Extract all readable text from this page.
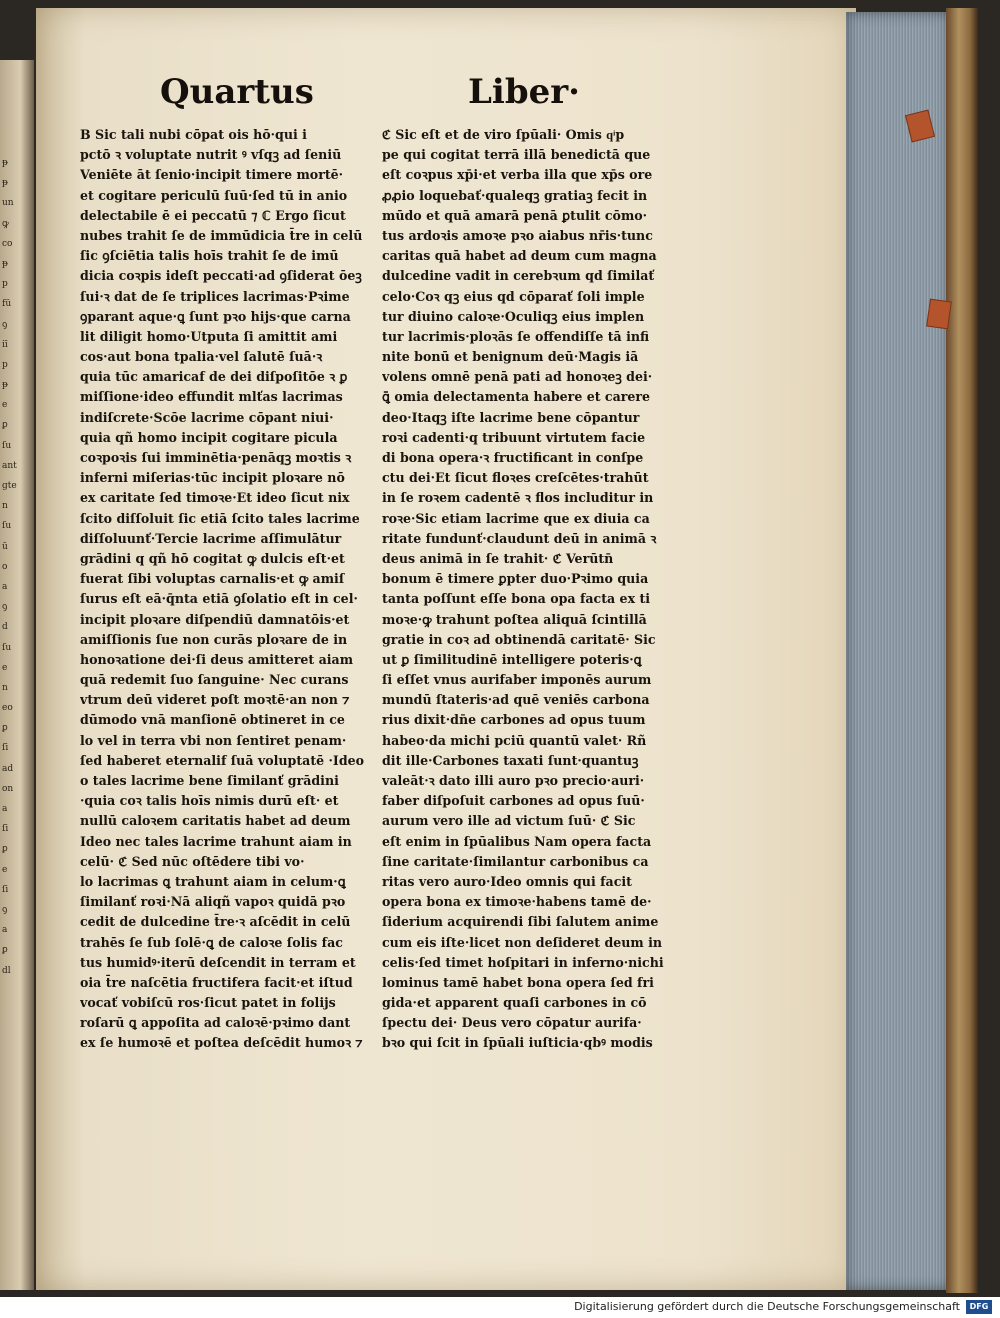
ᵽ
ᵽ
un
ꝙ
co
ᵽ
p
fü
ꝯ
iī
p
ᵽ
e
ꝑ
ſu
ant
gte
n
ſu
ū
o
a
ꝯ
d
ſu
e
n
eo
ꝑ
ſi
ad
on
a
ſi
ꝑ
e
ſi
ꝯ
a
ꝑ
dl
Quartus	Liber·
B Sic tali nubi cōpat ois hō·qui i
pctō ꝛ voluptate nutrit ꝰ vſqꝫ ad ſeniū
Veniēte āt ſenio·incipit timere mortē·
et cogitare periculū ſuū·ſed tū in anio
delectabile ē ei peccatū ⁊ ℂ Ergo ſicut
nubes trahit ſe de immūdicia t̄re in celū
ſic ꝯſciētia talis hoīs trahit ſe de imū
dicia coꝛpis ideſt peccati·ad ꝯſiderat ōeꝫ
ſui·ꝛ dat de ſe triplices lacrimas·Pꝛime
ꝯparant aque·ꝗ ſunt pꝛo hijs·que carna
lit diligit homo·Utputa ſi amittit ami
cos·aut bona tpalia·vel ſalutē ſuā·ꝛ
quia tūc amaricaf de dei diſpoſitōe ꝛ ꝑ
miſſione·ideo effundit mlťas lacrimas
indiſcrete·Scōe lacrime cōpant niui·
quia qñ homo incipit cogitare picula
coꝛpoꝛis ſui imminētia·penāqꝫ moꝛtis ꝛ
inferni miſerias·tūc incipit ploꝛare nō
ex caritate ſed timoꝛe·Et ideo ſicut nix
ſcito diſſoluit ſic etiā ſcito tales lacrime
diſſoluunť·Tercie lacrime aſſimulātur
grādini q qñ hō cogitat ꝙ dulcis eſt·et
fuerat ſibi voluptas carnalis·et ꝙ amiſ
ſurus eſt eā·q̄nta etiā ꝯſolatio eſt in cel·
incipit ploꝛare diſpendiū damnatōis·et
amiſſionis ſue non curās ploꝛare de in
honoꝛatione dei·ſi deus amitteret aiam
quā redemit ſuo ſanguine· Nec curans
vtrum deū videret poſt moꝛtē·an non ⁊
dūmodo vnā manſionē obtineret in ce
lo vel in terra vbi non ſentiret penam·
ſed haberet eternalif ſuā voluptatē ·Ideo
o tales lacrime bene ſimilanť grādini
·quia coꝛ talis hoīs nimis durū eſt· et
nullū caloꝛem caritatis habet ad deum
Ideo nec tales lacrime trahunt aiam in
celū· ℭ Sed nūc oſtēdere tibi vo·
lo lacrimas ꝗ trahunt aiam in celum·ꝗ
ſimilanť roꝛi·Nā aliqñ vapoꝛ quidā pꝛo
cedit de dulcedine t̄re·ꝛ aſcēdit in celū
trahēs ſe ſub ſolē·ꝗ de caloꝛe ſolis fac
tus humidꝰ·iterū deſcendit in terram et
oia t̄re naſcētia fructifera facit·et iſtud
vocať vobiſcū ros·ſicut patet in folijs
roſarū ꝗ appoſita ad caloꝛē·pꝛimo dant
ex ſe humoꝛē et poſtea deſcēdit humoꝛ ⁊
ℭ Sic eſt et de viro ſpūali· Omis qͥp
pe qui cogitat terrā illā benedictā que
eſt coꝛpus xp̄i·et verba illa que xp̄s ore
ꝓꝓio loquebať·qualeqꝫ gratiaꝫ fecit in
mūdo et quā amarā penā ꝑtulit cōmo·
tus ardoꝛis amoꝛe pꝛo aiabus nr̄is·tunc
caritas quā habet ad deum cum magna
dulcedine vadit in cerebꝛum qd ſimilať
celo·Coꝛ qꝫ eius qd cōparať ſoli imple
tur diuino caloꝛe·Oculiqꝫ eius implen
tur lacrimis·ploꝛās ſe offendiſſe tā infi
nite bonū et benignum deū·Magis iā
volens omnē penā pati ad honoꝛeꝫ dei·
ꝗ̄ omia delectamenta habere et carere
deo·Itaqꝫ iſte lacrime bene cōpantur
roꝛi cadenti·q tribuunt virtutem facie
di bona opera·ꝛ fructificant in conſpe
ctu dei·Et ſicut floꝛes creſcētes·trahūt
in ſe roꝛem cadentē ꝛ flos includitur in
roꝛe·Sic etiam lacrime que ex diuia ca
ritate fundunť·claudunt deū in animā ꝛ
deus animā in ſe trahit· ℭ Verūtn̄
bonum ē timere ꝑpter duo·Pꝛimo quia
tanta poſſunt eſſe bona opa facta ex ti
moꝛe·ꝙ trahunt poſtea aliquā ſcintillā
gratie in coꝛ ad obtinendā caritatē· Sic
ut ꝑ ſimilitudinē intelligere poteris·ꝗ
ſi eſſet vnus aurifaber imponēs aurum
mundū ſtateris·ad quē veniēs carbona
rius dixit·dn̄e carbones ad opus tuum
habeo·da michi pciū quantū valet· Rñ
dit ille·Carbones taxati ſunt·quantuꝫ
valeāt·ꝛ dato illi auro pꝛo precio·auri·
faber diſpoſuit carbones ad opus ſuū·
aurum vero ille ad victum ſuū· ℭ Sic
eſt enim in ſpūalibus Nam opera facta
ſine caritate·ſimilantur carbonibus ca
ritas vero auro·Ideo omnis qui facit
opera bona ex timoꝛe·habens tamē de·
ſiderium acquirendi ſibi ſalutem anime
cum eis iſte·licet non deſideret deum in
celis·ſed timet hoſpitari in inferno·nichi
lominus tamē habet bona opera ſed fri
gida·et apparent quaſi carbones in cō
ſpectu dei· Deus vero cōpatur aurifa·
bꝛo qui ſcit in ſpūali iuſticia·qbꝰ modis
Digitalisierung gefördert durch die Deutsche Forschungsgemeinschaft	DFG
